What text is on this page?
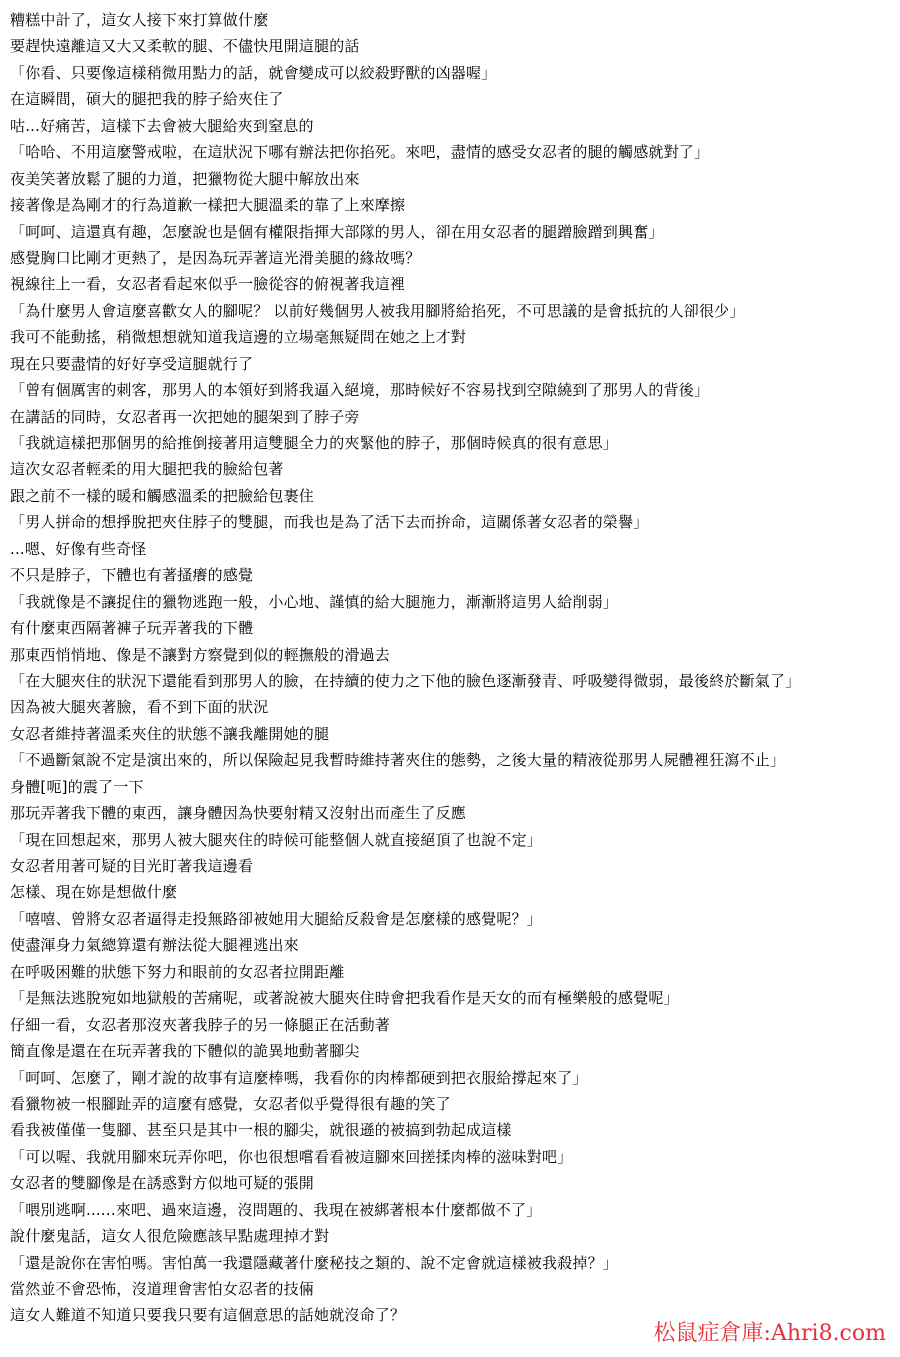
糟糕中計了，這女人接下來打算做什麼
要趕快遠離這又大又柔軟的腿、不儘快甩開這腿的話
「你看、只要像這樣稍微用點力的話，就會變成可以絞殺野獸的凶器喔」
在這瞬間，碩大的腿把我的脖子給夾住了
咕...好痛苦，這樣下去會被大腿給夾到窒息的
「哈哈、不用這麼警戒啦，在這狀況下哪有辦法把你掐死。來吧，盡情的感受女忍者的腿的觸感就對了」
夜美笑著放鬆了腿的力道，把獵物從大腿中解放出來
接著像是為剛才的行為道歉一樣把大腿溫柔的靠了上來摩擦
「呵呵、這還真有趣，怎麼說也是個有權限指揮大部隊的男人，卻在用女忍者的腿蹭臉蹭到興奮」
感覺胸口比剛才更熱了，是因為玩弄著這光滑美腿的緣故嗎？
視線往上一看，女忍者看起來似乎一臉從容的俯視著我這裡
「為什麼男人會這麼喜歡女人的腳呢？ 以前好幾個男人被我用腳將給掐死，不可思議的是會抵抗的人卻很少」
我可不能動搖，稍微想想就知道我這邊的立場毫無疑問在她之上才對
現在只要盡情的好好享受這腿就行了
「曾有個厲害的刺客，那男人的本領好到將我逼入絕境，那時候好不容易找到空隙繞到了那男人的背後」
在講話的同時，女忍者再一次把她的腿架到了脖子旁
「我就這樣把那個男的給推倒接著用這雙腿全力的夾緊他的脖子，那個時候真的很有意思」
這次女忍者輕柔的用大腿把我的臉給包著
跟之前不一樣的暖和觸感溫柔的把臉給包裹住
「男人拼命的想掙脫把夾住脖子的雙腿，而我也是為了活下去而拚命，這關係著女忍者的榮譽」
...嗯、好像有些奇怪
不只是脖子，下體也有著搔癢的感覺
「我就像是不讓捉住的獵物逃跑一般，小心地、謹慎的給大腿施力，漸漸將這男人給削弱」
有什麼東西隔著褲子玩弄著我的下體
那東西悄悄地、像是不讓對方察覺到似的輕撫般的滑過去
「在大腿夾住的狀況下還能看到那男人的臉，在持續的使力之下他的臉色逐漸發青、呼吸變得微弱，最後終於斷氣了」
因為被大腿夾著臉，看不到下面的狀況
女忍者維持著溫柔夾住的狀態不讓我離開她的腿
「不過斷氣說不定是演出來的，所以保險起見我暫時維持著夾住的態勢，之後大量的精液從那男人屍體裡狂瀉不止」
身體[呃]的震了一下
那玩弄著我下體的東西，讓身體因為快要射精又沒射出而產生了反應
「現在回想起來，那男人被大腿夾住的時候可能整個人就直接絕頂了也說不定」
女忍者用著可疑的目光盯著我這邊看
怎樣、現在妳是想做什麼
「嘻嘻、曾將女忍者逼得走投無路卻被她用大腿給反殺會是怎麼樣的感覺呢？」
使盡渾身力氣總算還有辦法從大腿裡逃出來
在呼吸困難的狀態下努力和眼前的女忍者拉開距離
「是無法逃脫宛如地獄般的苦痛呢，或著說被大腿夾住時會把我看作是天女的而有極樂般的感覺呢」
仔細一看，女忍者那沒夾著我脖子的另一條腿正在活動著
簡直像是還在在玩弄著我的下體似的詭異地動著腳尖
「呵呵、怎麼了，剛才說的故事有這麼棒嗎，我看你的肉棒都硬到把衣服給撐起來了」
看獵物被一根腳趾弄的這麼有感覺，女忍者似乎覺得很有趣的笑了
看我被僅僅一隻腳、甚至只是其中一根的腳尖，就很遜的被搞到勃起成這樣
「可以喔、我就用腳來玩弄你吧，你也很想嚐看看被這腳來回搓揉肉棒的滋味對吧」
女忍者的雙腳像是在誘惑對方似地可疑的張開
「喂別逃啊......來吧、過來這邊，沒問題的、我現在被綁著根本什麼都做不了」
說什麼鬼話，這女人很危險應該早點處理掉才對
「還是說你在害怕嗎。害怕萬一我還隱藏著什麼秘技之類的、說不定會就這樣被我殺掉？」
當然並不會恐怖，沒道理會害怕女忍者的技倆
這女人難道不知道只要我只要有這個意思的話她就沒命了？
松鼠症倉庫:Ahri8.com
